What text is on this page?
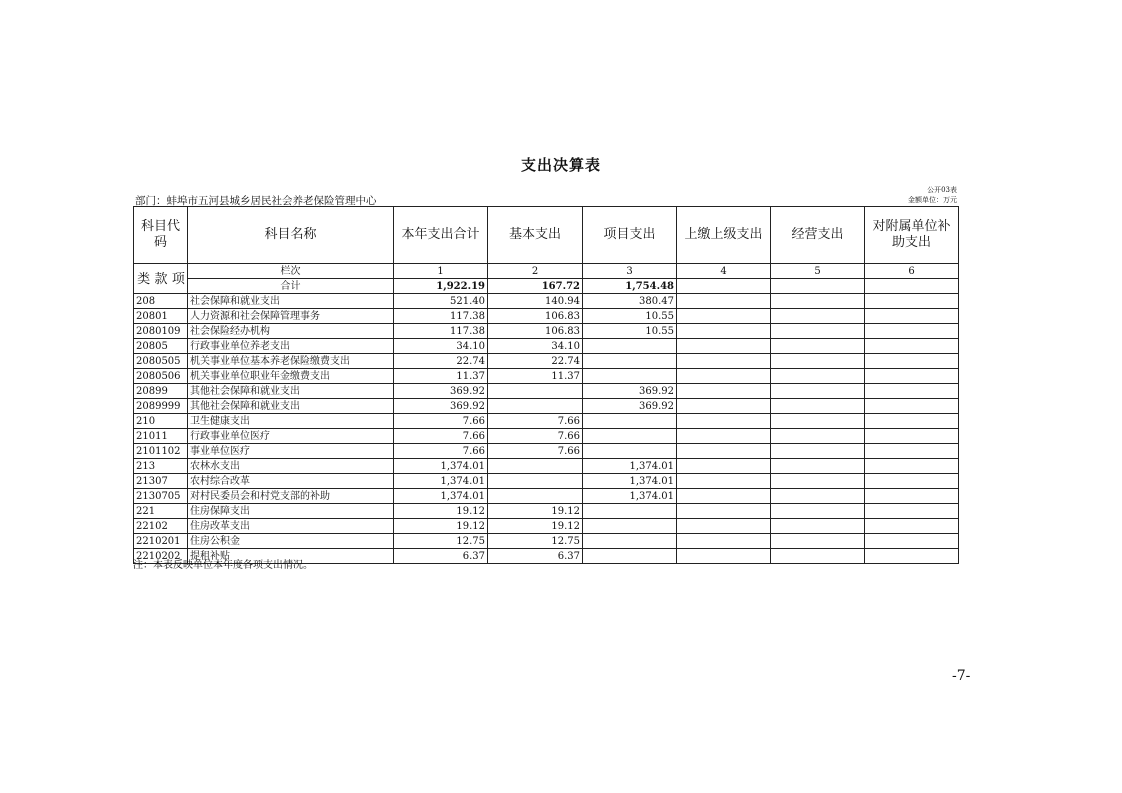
支出决算表
部门：蚌埠市五河县城乡居民社会养老保险管理中心
公开03表
金额单位：万元
科目代码	科目名称	本年支出合计	基本支出	项目支出	上缴上级支出	经营支出	对附属单位补助支出
	栏次	1	2	3	4	5	6
	合计	1,922.19	167.72	1,754.48			
208	社会保障和就业支出	521.40	140.94	380.47			
20801	人力资源和社会保障管理事务	117.38	106.83	10.55			
2080109	社会保险经办机构	117.38	106.83	10.55			
20805	行政事业单位养老支出	34.10	34.10				
2080505	机关事业单位基本养老保险缴费支出	22.74	22.74				
2080506	机关事业单位职业年金缴费支出	11.37	11.37				
20899	其他社会保障和就业支出	369.92		369.92			
2089999	其他社会保障和就业支出	369.92		369.92			
210	卫生健康支出	7.66	7.66				
21011	行政事业单位医疗	7.66	7.66				
2101102	事业单位医疗	7.66	7.66				
213	农林水支出	1,374.01		1,374.01			
21307	农村综合改革	1,374.01		1,374.01			
2130705	对村民委员会和村党支部的补助	1,374.01		1,374.01			
221	住房保障支出	19.12	19.12				
22102	住房改革支出	19.12	19.12				
2210201	住房公积金	12.75	12.75				
2210202	提租补贴	6.37	6.37				
类 款 项
注：本表反映单位本年度各项支出情况。
-7-
